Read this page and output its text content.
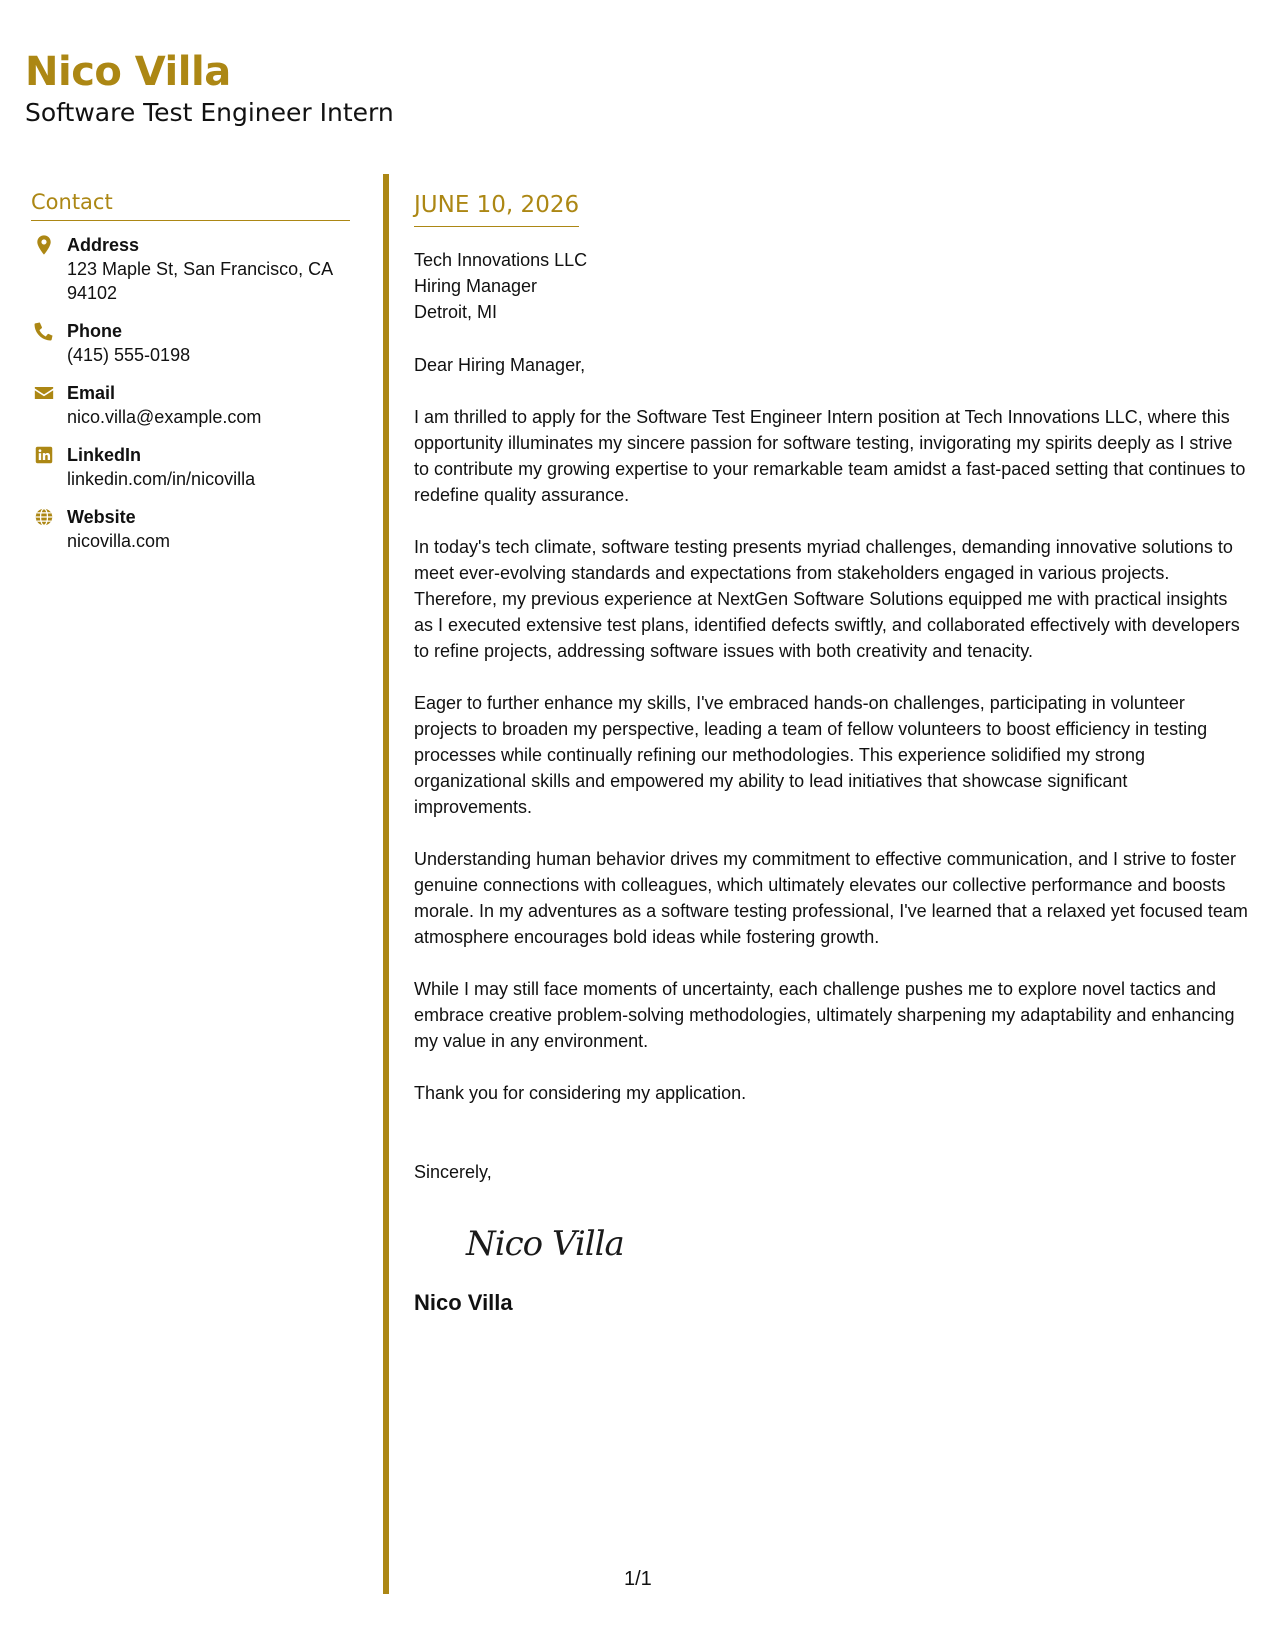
Nico Villa
Software Test Engineer Intern
Contact
Address
123 Maple St, San Francisco, CA 94102
Phone
(415) 555-0198
Email
nico.villa@example.com
LinkedIn
linkedin.com/in/nicovilla
Website
nicovilla.com
JUNE 10, 2026
Tech Innovations LLC
Hiring Manager
Detroit, MI
Dear Hiring Manager,
I am thrilled to apply for the Software Test Engineer Intern position at Tech Innovations LLC, where this opportunity illuminates my sincere passion for software testing, invigorating my spirits deeply as I strive to contribute my growing expertise to your remarkable team amidst a fast-paced setting that continues to redefine quality assurance.
In today's tech climate, software testing presents myriad challenges, demanding innovative solutions to meet ever-evolving standards and expectations from stakeholders engaged in various projects. Therefore, my previous experience at NextGen Software Solutions equipped me with practical insights as I executed extensive test plans, identified defects swiftly, and collaborated effectively with developers to refine projects, addressing software issues with both creativity and tenacity.
Eager to further enhance my skills, I've embraced hands-on challenges, participating in volunteer projects to broaden my perspective, leading a team of fellow volunteers to boost efficiency in testing processes while continually refining our methodologies. This experience solidified my strong organizational skills and empowered my ability to lead initiatives that showcase significant improvements.
Understanding human behavior drives my commitment to effective communication, and I strive to foster genuine connections with colleagues, which ultimately elevates our collective performance and boosts morale. In my adventures as a software testing professional, I've learned that a relaxed yet focused team atmosphere encourages bold ideas while fostering growth.
While I may still face moments of uncertainty, each challenge pushes me to explore novel tactics and embrace creative problem-solving methodologies, ultimately sharpening my adaptability and enhancing my value in any environment.
Thank you for considering my application.
Sincerely,
Nico Villa
Nico Villa
1/1
